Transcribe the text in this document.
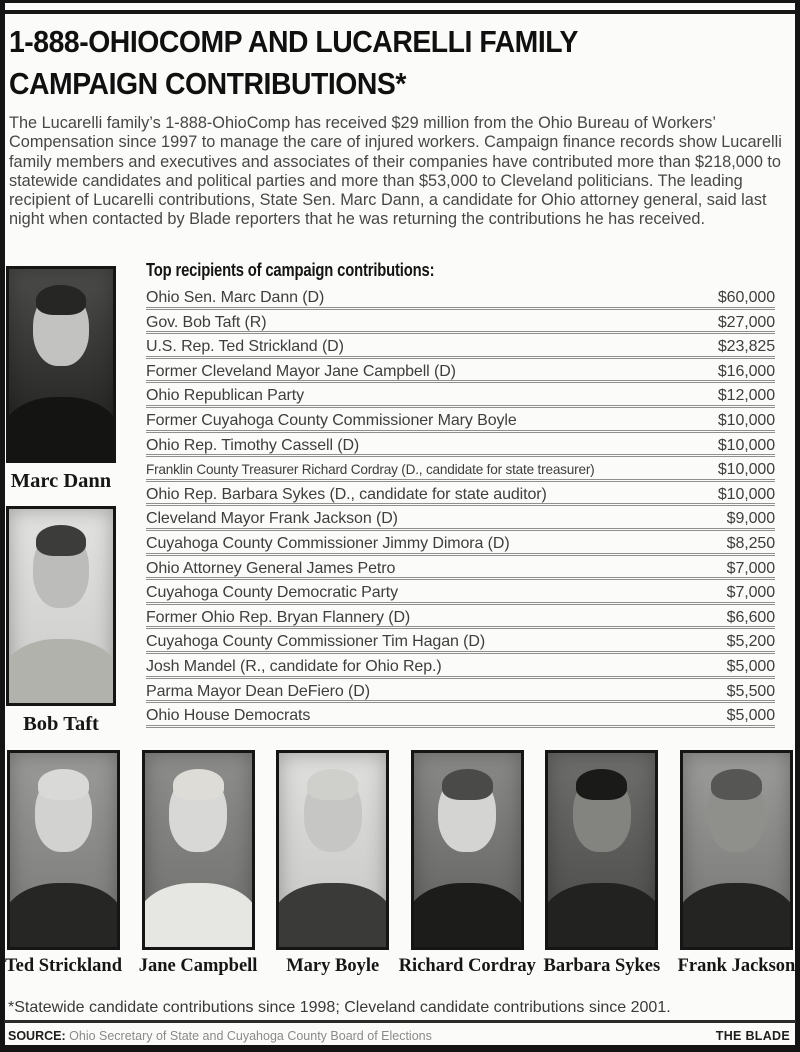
1-888-OHIOCOMP AND LUCARELLI FAMILY
CAMPAIGN CONTRIBUTIONS*

The Lucarelli family’s 1-888-OhioComp has received $29 million from the Ohio Bureau of Workers’ Compensation since 1997 to manage the care of injured workers. Campaign finance records show Lucarelli family members and executives and associates of their companies have contributed more than $218,000 to statewide candidates and political parties and more than $53,000 to Cleveland politicians. The leading recipient of Lucarelli contributions, State Sen. Marc Dann, a candidate for Ohio attorney general, said last night when contacted by Blade reporters that he was returning the contributions he has received.

Marc Dann
Bob Taft
Top recipients of campaign contributions:
Ohio Sen. Marc Dann (D)	$60,000
Gov. Bob Taft (R)	$27,000
U.S. Rep. Ted Strickland (D)	$23,825
Former Cleveland Mayor Jane Campbell (D)	$16,000
Ohio Republican Party	$12,000
Former Cuyahoga County Commissioner Mary Boyle	$10,000
Ohio Rep. Timothy Cassell (D)	$10,000
Franklin County Treasurer Richard Cordray (D., candidate for state treasurer)	$10,000
Ohio Rep. Barbara Sykes (D., candidate for state auditor)	$10,000
Cleveland Mayor Frank Jackson (D)	$9,000
Cuyahoga County Commissioner Jimmy Dimora (D)	$8,250
Ohio Attorney General James Petro	$7,000
Cuyahoga County Democratic Party	$7,000
Former Ohio Rep. Bryan Flannery (D)	$6,600
Cuyahoga County Commissioner Tim Hagan (D)	$5,200
Josh Mandel (R., candidate for Ohio Rep.)	$5,000
Parma Mayor Dean DeFiero (D)	$5,500
Ohio House Democrats	$5,000
Ted Strickland Jane Campbell Mary Boyle Richard Cordray Barbara Sykes Frank Jackson
*Statewide candidate contributions since 1998; Cleveland candidate contributions since 2001.
SOURCE: Ohio Secretary of State and Cuyahoga County Board of Elections	THE BLADE
